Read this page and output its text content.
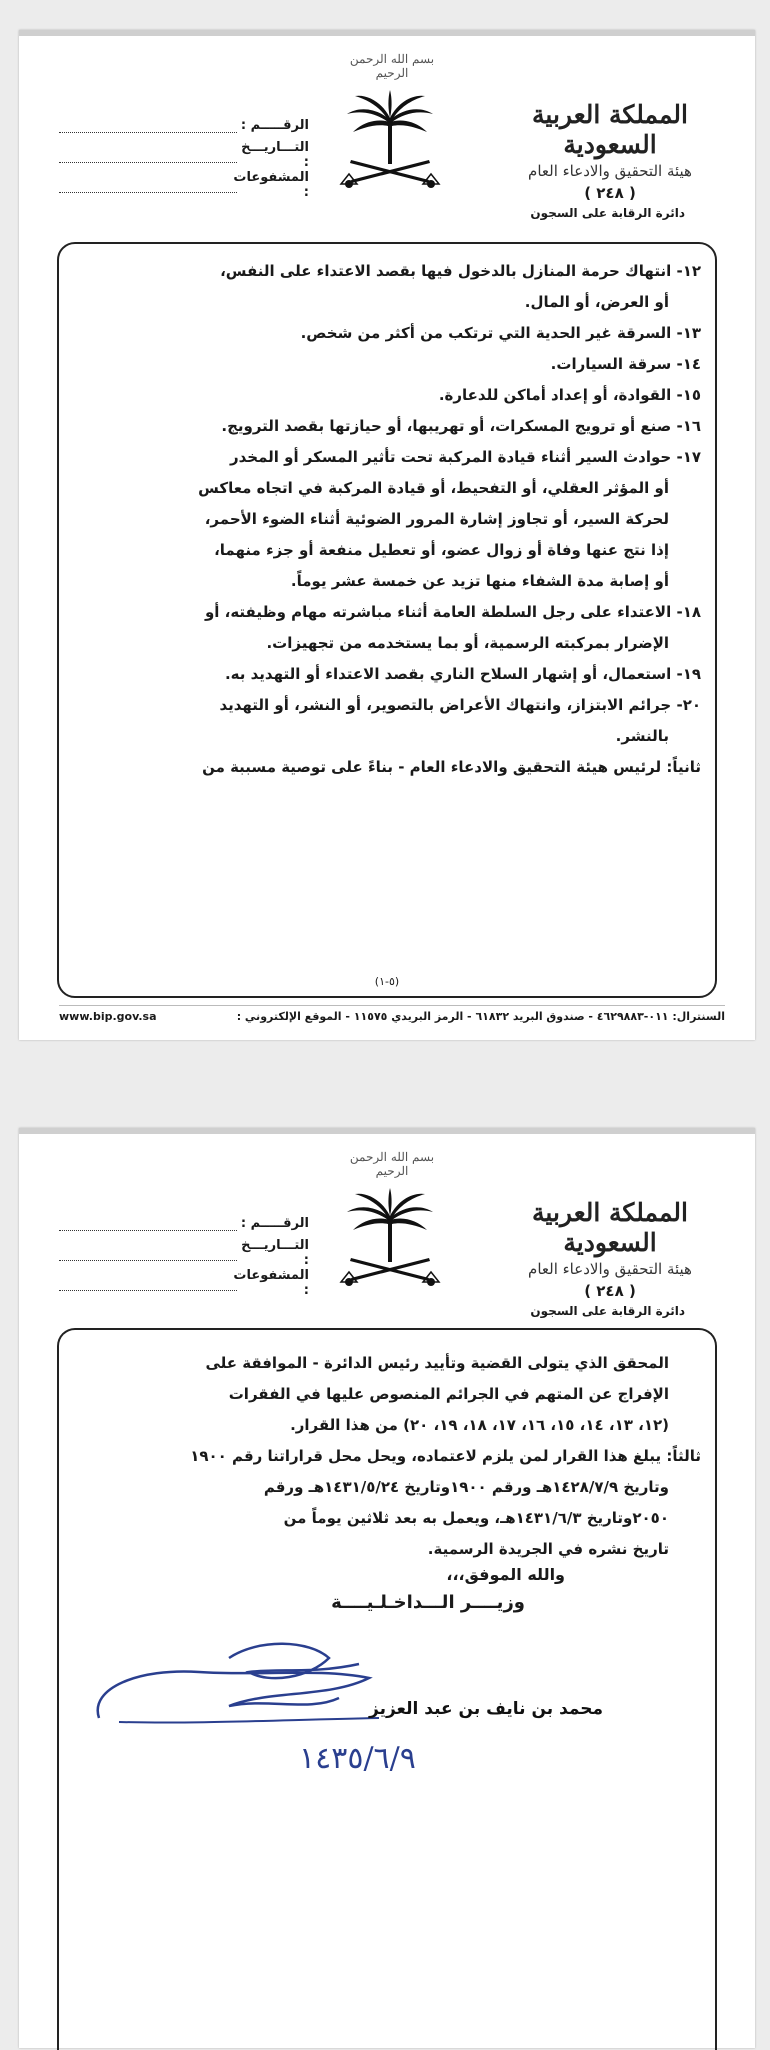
بسم الله الرحمن الرحيم
المملكة العربية السعودية
هيئة التحقيق والادعاء العام
( ٢٤٨ )
دائرة الرقابة على السجون
الرقـــــم :
التـــاريـــخ :
المشفوعات :
١٢- انتهاك حرمة المنازل بالدخول فيها بقصد الاعتداء على النفس،
أو العرض، أو المال.
١٣- السرقة غير الحدية التي ترتكب من أكثر من شخص.
١٤- سرقة السيارات.
١٥- القوادة، أو إعداد أماكن للدعارة.
١٦- صنع أو ترويج المسكرات، أو تهريبها، أو حيازتها بقصد الترويج.
١٧- حوادث السير أثناء قيادة المركبة تحت تأثير المسكر أو المخدر
أو المؤثر العقلي، أو التفحيط، أو قيادة المركبة في اتجاه معاكس
لحركة السير، أو تجاوز إشارة المرور الضوئية أثناء الضوء الأحمر،
إذا نتج عنها وفاة أو زوال عضو، أو تعطيل منفعة أو جزء منهما،
أو إصابة مدة الشفاء منها تزيد عن خمسة عشر يوماً.
١٨- الاعتداء على رجل السلطة العامة أثناء مباشرته مهام وظيفته، أو
الإضرار بمركبته الرسمية، أو بما يستخدمه من تجهيزات.
١٩- استعمال، أو إشهار السلاح الناري بقصد الاعتداء أو التهديد به.
٢٠- جرائم الابتزاز، وانتهاك الأعراض بالتصوير، أو النشر، أو التهديد
بالنشر.
ثانياً: لرئيس هيئة التحقيق والادعاء العام - بناءً على توصية مسببة من
(٥-١)
السنترال: ٠١١-٤٦٢٩٨٨٣ - صندوق البريد ٦١٨٣٢ - الرمز البريدي ١١٥٧٥ - الموقع الإلكتروني :
www.bip.gov.sa
بسم الله الرحمن الرحيم
المملكة العربية السعودية
هيئة التحقيق والادعاء العام
( ٢٤٨ )
دائرة الرقابة على السجون
الرقـــــم :
التـــاريـــخ :
المشفوعات :
المحقق الذي يتولى القضية وتأييد رئيس الدائرة - الموافقة على
الإفراج عن المتهم في الجرائم المنصوص عليها في الفقرات
(١٢، ١٣، ١٤، ١٥، ١٦، ١٧، ١٨، ١٩، ٢٠) من هذا القرار.
ثالثاً: يبلغ هذا القرار لمن يلزم لاعتماده، ويحل محل قراراتنا رقم ١٩٠٠
وتاريخ ١٤٢٨/٧/٩هـ ورقم ١٩٠٠وتاريخ ١٤٣١/٥/٢٤هـ ورقم
٢٠٥٠وتاريخ ١٤٣١/٦/٣هـ، ويعمل به بعد ثلاثين يوماً من
تاريخ نشره في الجريدة الرسمية.
والله الموفق،،،
وزيــــر الـــداخـلـيــــة
محمد بن نايف بن عبد العزيز
١٤٣٥/٦/٩
